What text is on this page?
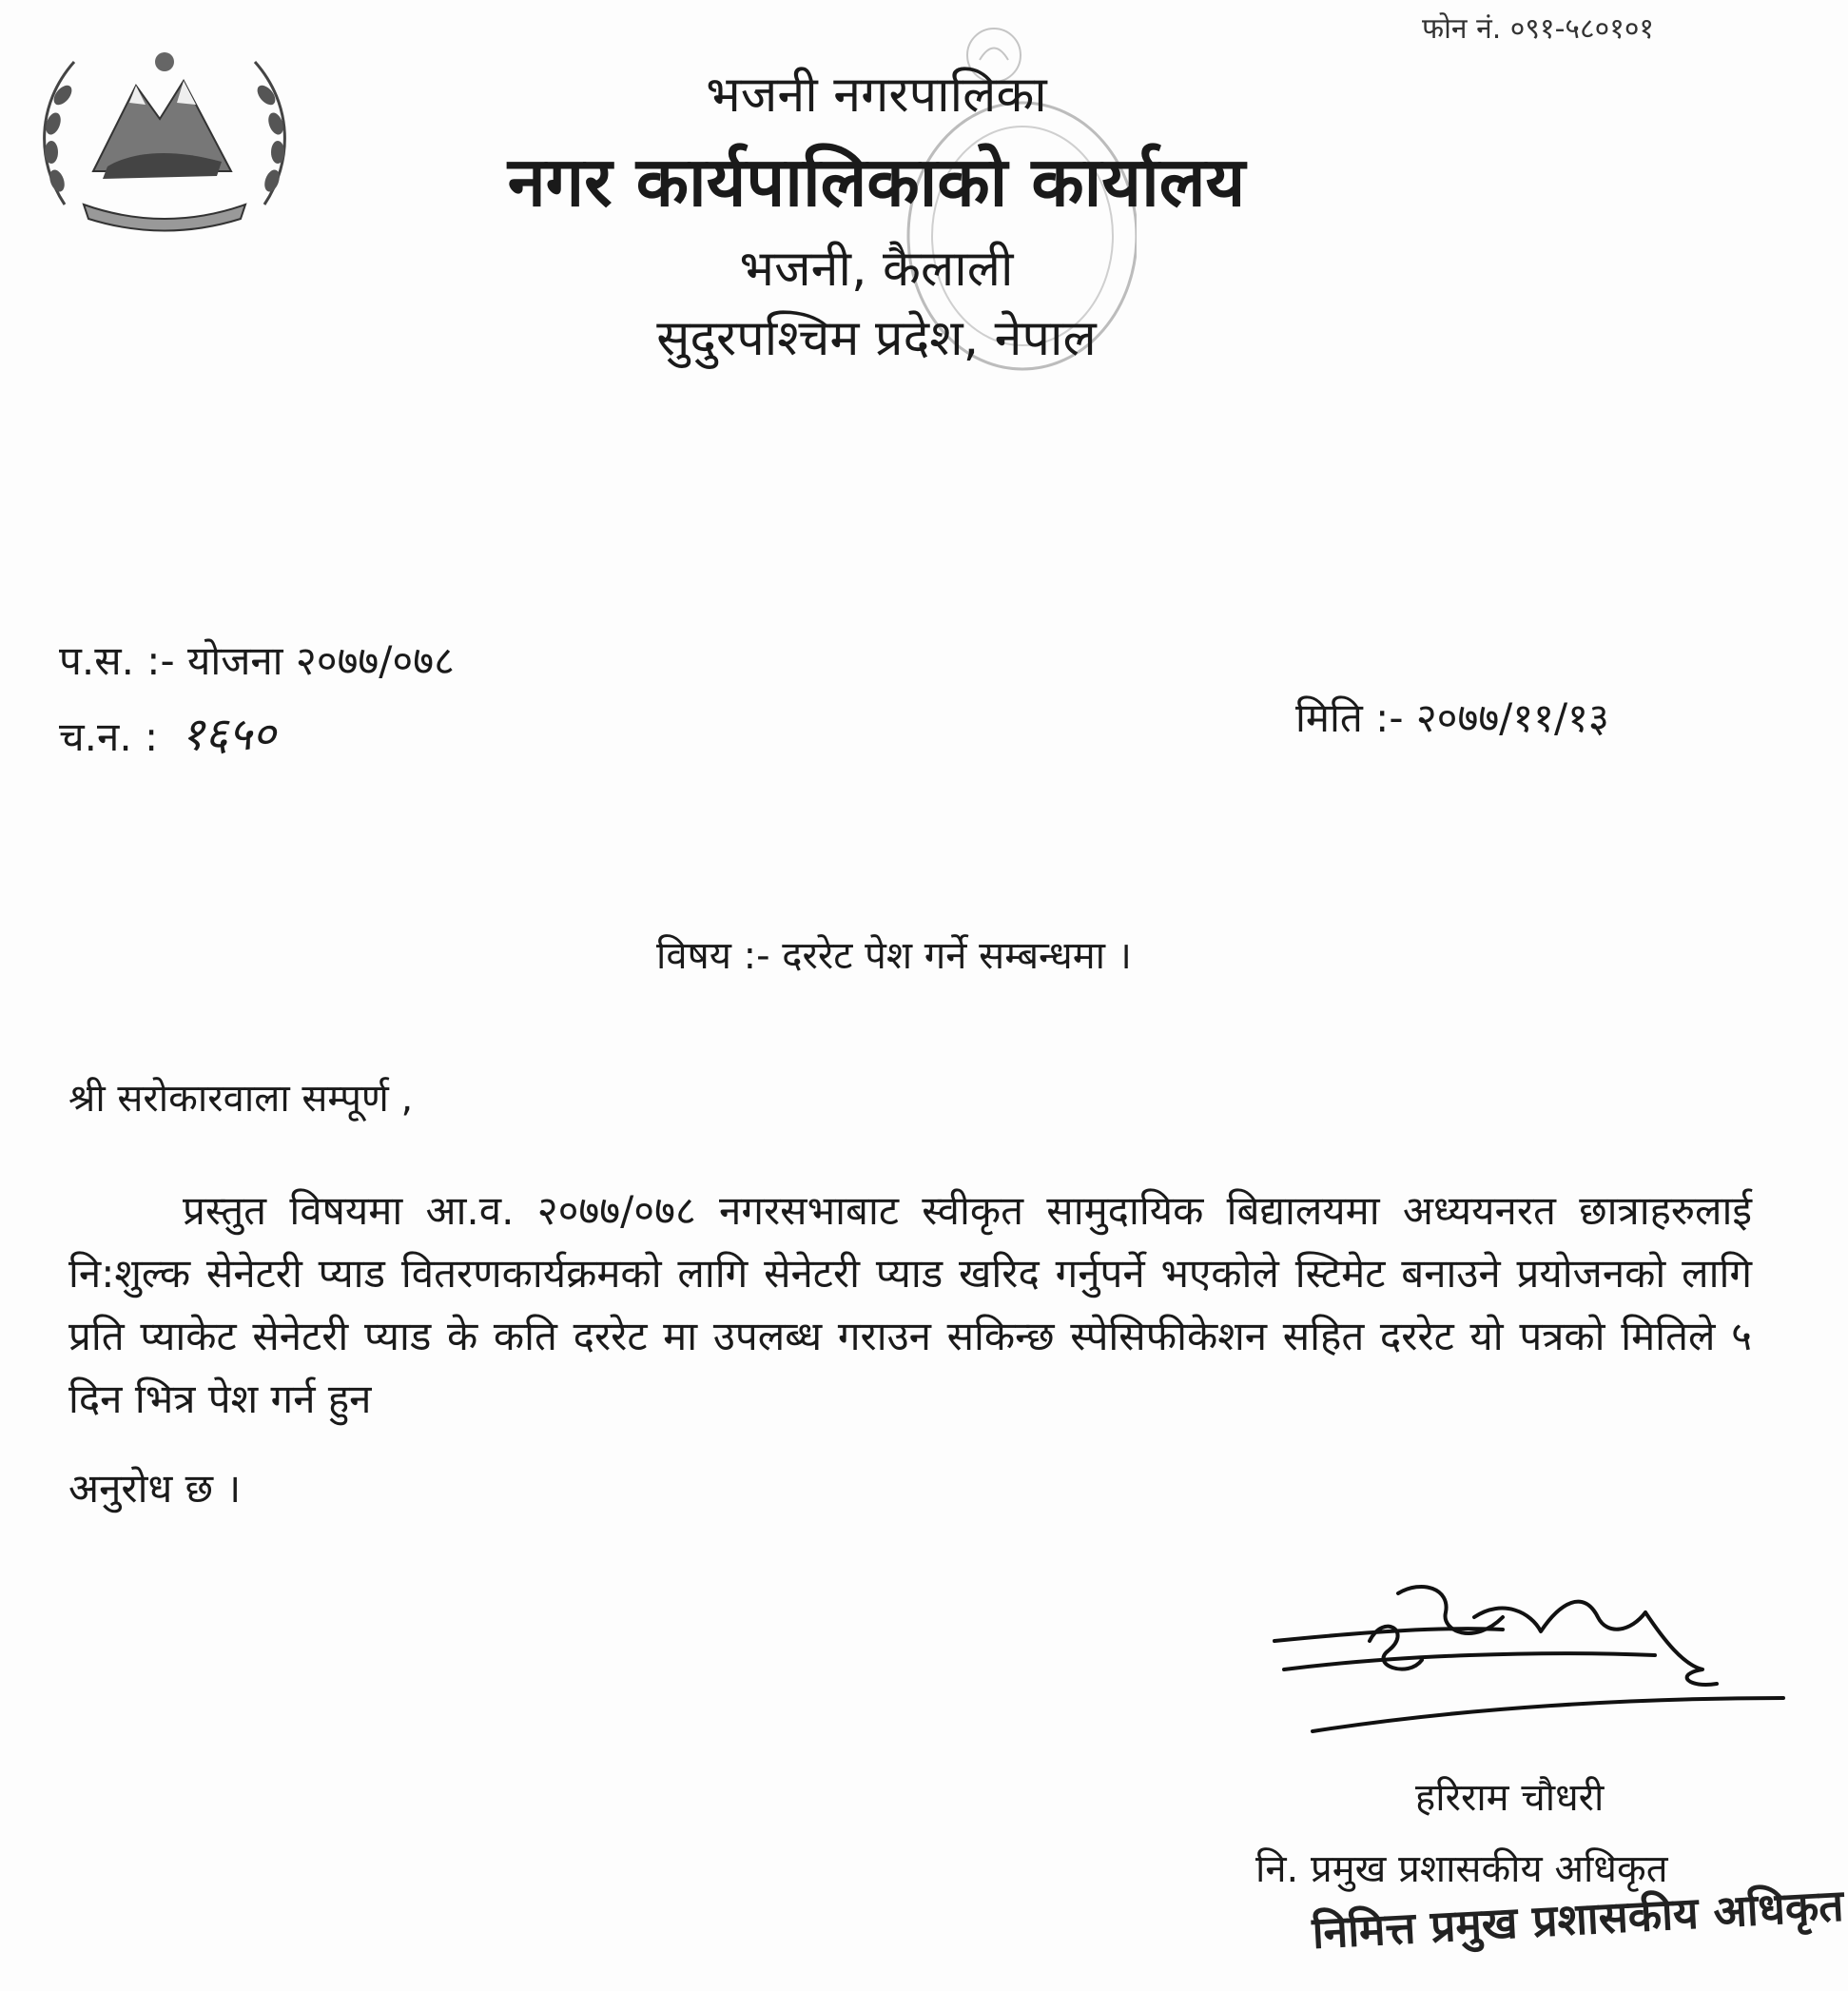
फोन नं. ०९१-५८०१०१
भजनी नगरपालिका
नगर कार्यपालिकाको कार्यालय
भजनी, कैलाली
सुदुरपश्चिम प्रदेश, नेपाल
प.स. :- योजना २०७७/०७८
च.न. : १६५०	मिति :- २०७७/११/१३
विषय :- दररेट पेश गर्ने सम्बन्धमा ।
श्री सरोकारवाला सम्पूर्ण ,
प्रस्तुत विषयमा आ.व. २०७७/०७८ नगरसभाबाट स्वीकृत सामुदायिक बिद्यालयमा अध्ययनरत छात्राहरुलाई नि:शुल्क सेनेटरी प्याड वितरणकार्यक्रमको लागि सेनेटरी प्याड खरिद गर्नुपर्ने भएकोले स्टिमेट बनाउने प्रयोजनको लागि प्रति प्याकेट सेनेटरी प्याड के कति दररेट मा उपलब्ध गराउन सकिन्छ स्पेसिफीकेशन सहित दररेट यो पत्रको मितिले ५ दिन भित्र पेश गर्न हुन
अनुरोध छ ।
हरिराम चौधरी
नि. प्रमुख प्रशासकीय अधिकृत
निमित्त प्रमुख प्रशासकीय अधिकृत
